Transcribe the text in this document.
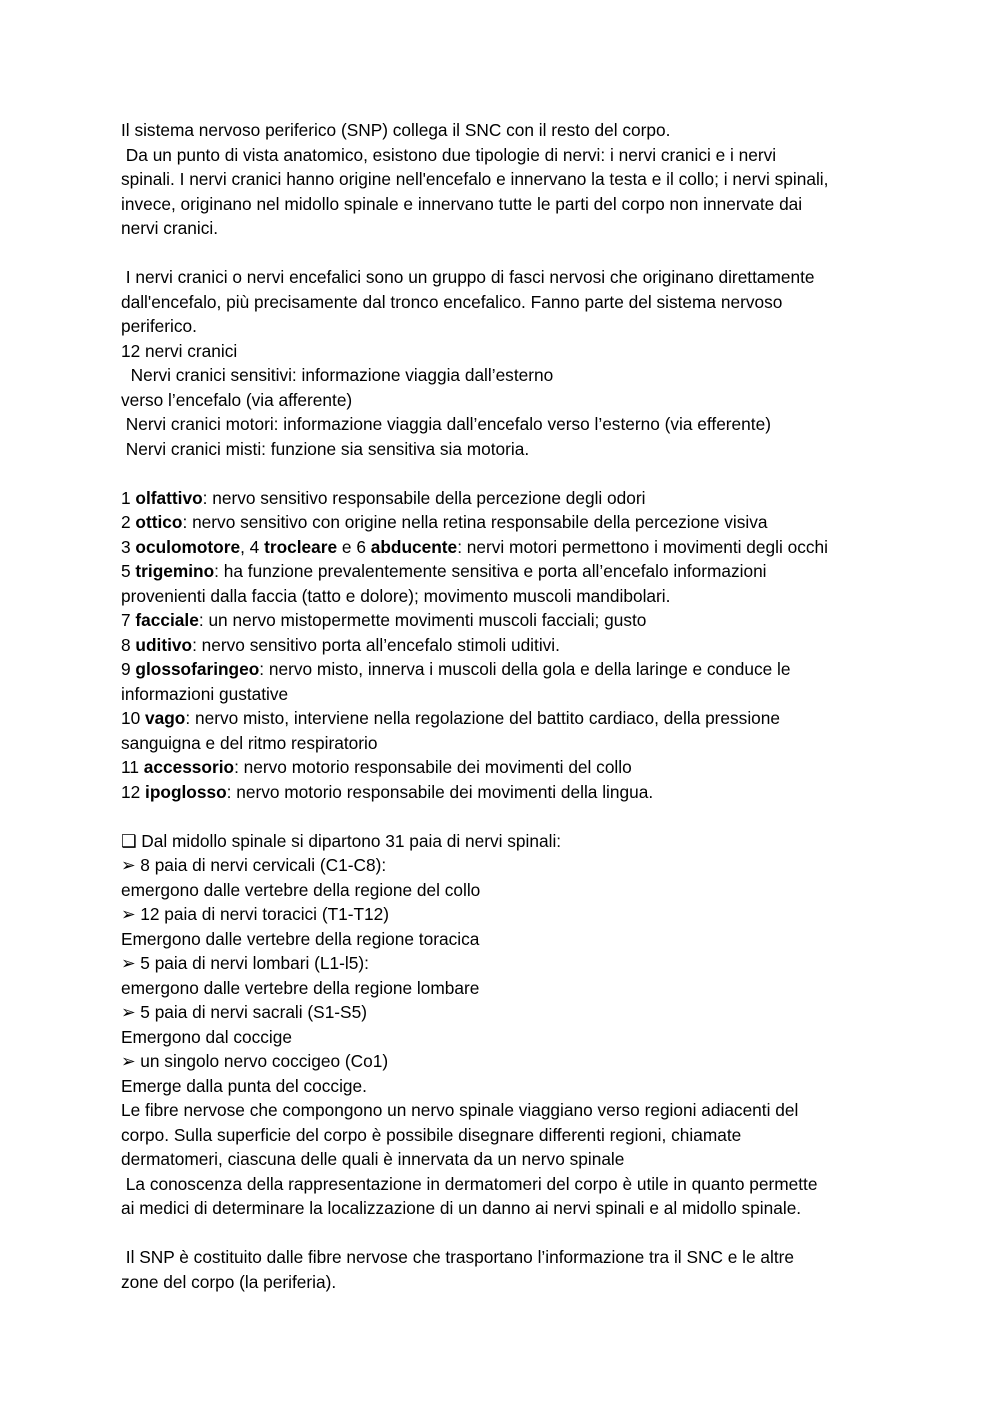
Il sistema nervoso periferico (SNP) collega il SNC con il resto del corpo.
Da un punto di vista anatomico, esistono due tipologie di nervi: i nervi cranici e i nervi
spinali. I nervi cranici hanno origine nell'encefalo e innervano la testa e il collo; i nervi spinali,
invece, originano nel midollo spinale e innervano tutte le parti del corpo non innervate dai
nervi cranici.
I nervi cranici o nervi encefalici sono un gruppo di fasci nervosi che originano direttamente
dall'encefalo, più precisamente dal tronco encefalico. Fanno parte del sistema nervoso
periferico.
12 nervi cranici
Nervi cranici sensitivi: informazione viaggia dall’esterno
verso l’encefalo (via afferente)
Nervi cranici motori: informazione viaggia dall’encefalo verso l’esterno (via efferente)
Nervi cranici misti: funzione sia sensitiva sia motoria.
1 olfattivo: nervo sensitivo responsabile della percezione degli odori
2 ottico: nervo sensitivo con origine nella retina responsabile della percezione visiva
3 oculomotore, 4 trocleare e 6 abducente: nervi motori permettono i movimenti degli occhi
5 trigemino: ha funzione prevalentemente sensitiva e porta all’encefalo informazioni
provenienti dalla faccia (tatto e dolore); movimento muscoli mandibolari.
7 facciale: un nervo mistopermette movimenti muscoli facciali; gusto
8 uditivo: nervo sensitivo porta all’encefalo stimoli uditivi.
9 glossofaringeo: nervo misto, innerva i muscoli della gola e della laringe e conduce le
informazioni gustative
10 vago: nervo misto, interviene nella regolazione del battito cardiaco, della pressione
sanguigna e del ritmo respiratorio
11 accessorio: nervo motorio responsabile dei movimenti del collo
12 ipoglosso: nervo motorio responsabile dei movimenti della lingua.
❑ Dal midollo spinale si dipartono 31 paia di nervi spinali:
➢ 8 paia di nervi cervicali (C1-C8):
emergono dalle vertebre della regione del collo
➢ 12 paia di nervi toracici (T1-T12)
Emergono dalle vertebre della regione toracica
➢ 5 paia di nervi lombari (L1-l5):
emergono dalle vertebre della regione lombare
➢ 5 paia di nervi sacrali (S1-S5)
Emergono dal coccige
➢ un singolo nervo coccigeo (Co1)
Emerge dalla punta del coccige.
Le fibre nervose che compongono un nervo spinale viaggiano verso regioni adiacenti del
corpo. Sulla superficie del corpo è possibile disegnare differenti regioni, chiamate
dermatomeri, ciascuna delle quali è innervata da un nervo spinale
La conoscenza della rappresentazione in dermatomeri del corpo è utile in quanto permette
ai medici di determinare la localizzazione di un danno ai nervi spinali e al midollo spinale.
Il SNP è costituito dalle fibre nervose che trasportano l’informazione tra il SNC e le altre
zone del corpo (la periferia).
